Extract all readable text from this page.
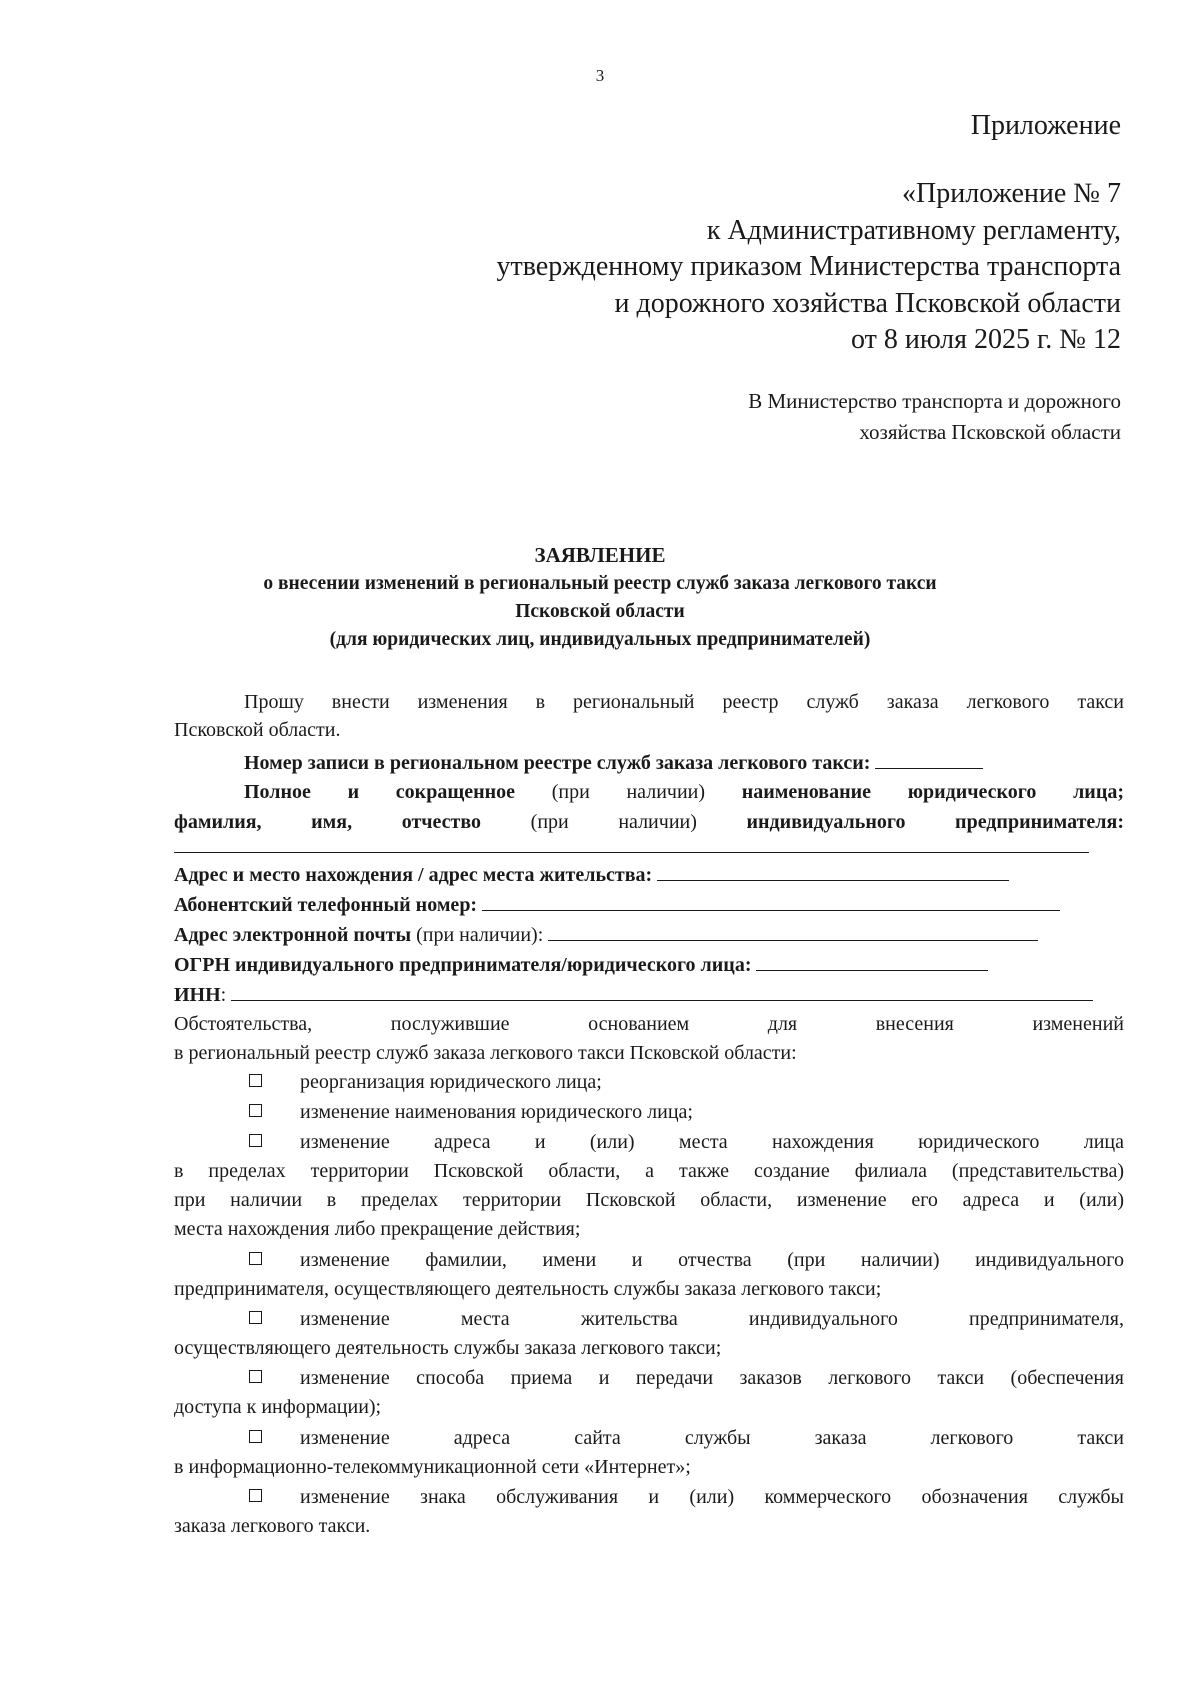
3
Приложение
«Приложение № 7
к Административному регламенту,
утвержденному приказом Министерства транспорта
и дорожного хозяйства Псковской области
от 8 июля 2025 г. № 12
В Министерство транспорта и дорожного
хозяйства Псковской области
ЗАЯВЛЕНИЕ
о внесении изменений в региональный реестр служб заказа легкового такси
Псковской области
(для юридических лиц, индивидуальных предпринимателей)
Прошу внести изменения в региональный реестр служб заказа легкового такси
Псковской области.
Номер записи в региональном реестре служб заказа легкового такси:
Полное и сокращенное (при наличии) наименование юридического лица;
фамилия, имя, отчество (при наличии) индивидуального предпринимателя:
Адрес и место нахождения / адрес места жительства:
Абонентский телефонный номер:
Адрес электронной почты (при наличии):
ОГРН индивидуального предпринимателя/юридического лица:
ИНН:
Обстоятельства, послужившие основанием для внесения изменений
в региональный реестр служб заказа легкового такси Псковской области:
реорганизация юридического лица;
изменение наименования юридического лица;
изменение адреса и (или) места нахождения юридического лица
в пределах территории Псковской области, а также создание филиала (представительства)
при наличии в пределах территории Псковской области, изменение его адреса и (или)
места нахождения либо прекращение действия;
изменение фамилии, имени и отчества (при наличии) индивидуального
предпринимателя, осуществляющего деятельность службы заказа легкового такси;
изменение места жительства индивидуального предпринимателя,
осуществляющего деятельность службы заказа легкового такси;
изменение способа приема и передачи заказов легкового такси (обеспечения
доступа к информации);
изменение адреса сайта службы заказа легкового такси
в информационно-телекоммуникационной сети «Интернет»;
изменение знака обслуживания и (или) коммерческого обозначения службы
заказа легкового такси.
